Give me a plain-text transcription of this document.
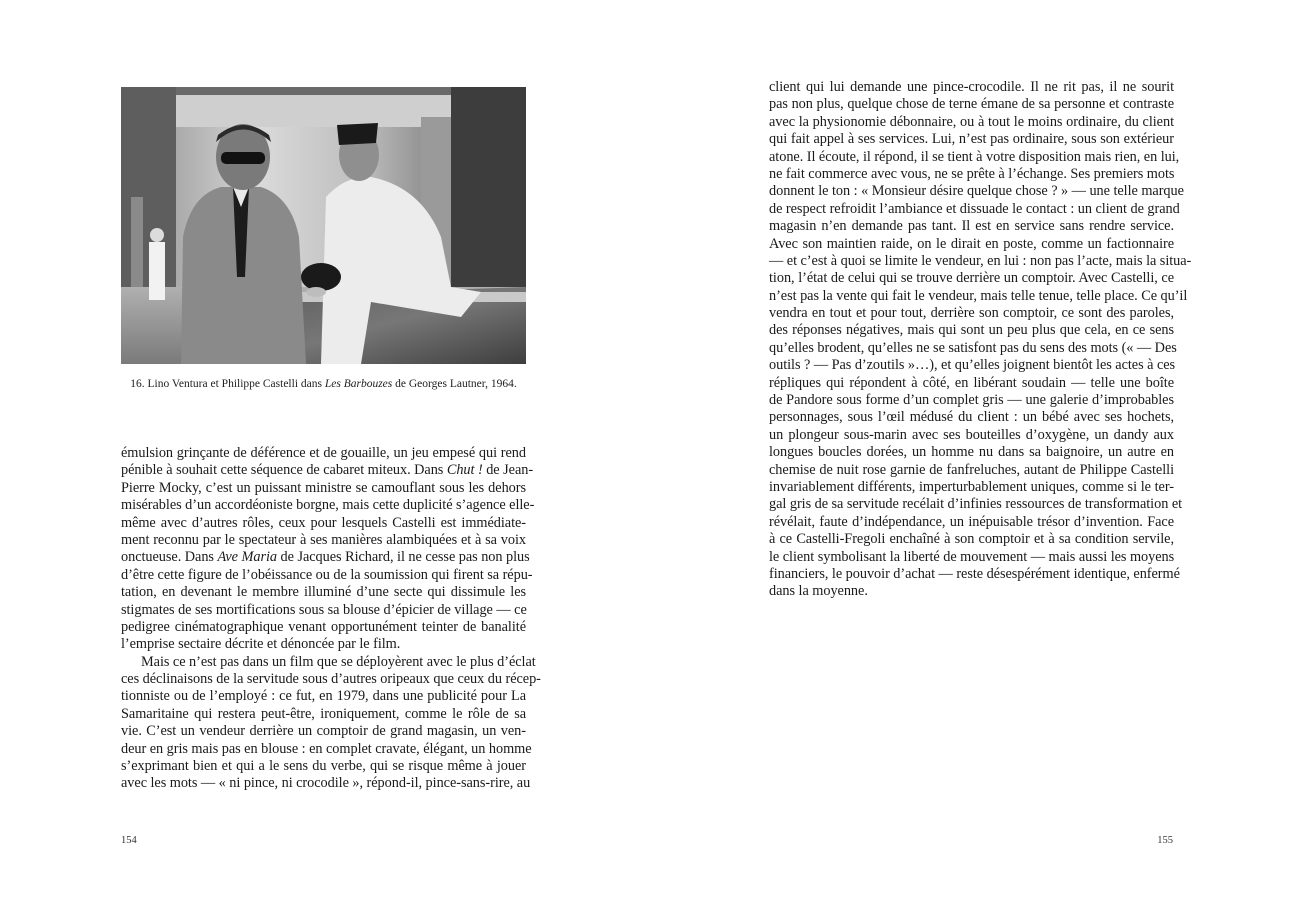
16. Lino Ventura et Philippe Castelli dans Les Barbouzes de Georges Lautner, 1964.

émulsion grinçante de déférence et de gouaille, un jeu empesé qui rend
pénible à souhait cette séquence de cabaret miteux. Dans Chut ! de Jean-
Pierre Mocky, c’est un puissant ministre se camouflant sous les dehors
misérables d’un accordéoniste borgne, mais cette duplicité s’agence elle-
même avec d’autres rôles, ceux pour lesquels Castelli est immédiate-
ment reconnu par le spectateur à ses manières alambiquées et à sa voix
onctueuse. Dans Ave Maria de Jacques Richard, il ne cesse pas non plus
d’être cette figure de l’obéissance ou de la soumission qui firent sa répu-
tation, en devenant le membre illuminé d’une secte qui dissimule les
stigmates de ses mortifications sous sa blouse d’épicier de village — ce
pedigree cinématographique venant opportunément teinter de banalité
l’emprise sectaire décrite et dénoncée par le film.

Mais ce n’est pas dans un film que se déployèrent avec le plus d’éclat
ces déclinaisons de la servitude sous d’autres oripeaux que ceux du récep-
tionniste ou de l’employé : ce fut, en 1979, dans une publicité pour La
Samaritaine qui restera peut-être, ironiquement, comme le rôle de sa
vie. C’est un vendeur derrière un comptoir de grand magasin, un ven-
deur en gris mais pas en blouse : en complet cravate, élégant, un homme
s’exprimant bien et qui a le sens du verbe, qui se risque même à jouer
avec les mots — « ni pince, ni crocodile », répond-il, pince-sans-rire, au

154

client qui lui demande une pince-crocodile. Il ne rit pas, il ne sourit
pas non plus, quelque chose de terne émane de sa personne et contraste
avec la physionomie débonnaire, ou à tout le moins ordinaire, du client
qui fait appel à ses services. Lui, n’est pas ordinaire, sous son extérieur
atone. Il écoute, il répond, il se tient à votre disposition mais rien, en lui,
ne fait commerce avec vous, ne se prête à l’échange. Ses premiers mots
donnent le ton : « Monsieur désire quelque chose ? » — une telle marque
de respect refroidit l’ambiance et dissuade le contact : un client de grand
magasin n’en demande pas tant. Il est en service sans rendre service.
Avec son maintien raide, on le dirait en poste, comme un factionnaire
— et c’est à quoi se limite le vendeur, en lui : non pas l’acte, mais la situa-
tion, l’état de celui qui se trouve derrière un comptoir. Avec Castelli, ce
n’est pas la vente qui fait le vendeur, mais telle tenue, telle place. Ce qu’il
vendra en tout et pour tout, derrière son comptoir, ce sont des paroles,
des réponses négatives, mais qui sont un peu plus que cela, en ce sens
qu’elles brodent, qu’elles ne se satisfont pas du sens des mots (« — Des
outils ? — Pas d’zoutils »…), et qu’elles joignent bientôt les actes à ces
répliques qui répondent à côté, en libérant soudain — telle une boîte
de Pandore sous forme d’un complet gris — une galerie d’improbables
personnages, sous l’œil médusé du client : un bébé avec ses hochets,
un plongeur sous-marin avec ses bouteilles d’oxygène, un dandy aux
longues boucles dorées, un homme nu dans sa baignoire, un autre en
chemise de nuit rose garnie de fanfreluches, autant de Philippe Castelli
invariablement différents, imperturbablement uniques, comme si le ter-
gal gris de sa servitude recélait d’infinies ressources de transformation et
révélait, faute d’indépendance, un inépuisable trésor d’invention. Face
à ce Castelli-Fregoli enchaîné à son comptoir et à sa condition servile,
le client symbolisant la liberté de mouvement — mais aussi les moyens
financiers, le pouvoir d’achat — reste désespérément identique, enfermé
dans la moyenne.

155
